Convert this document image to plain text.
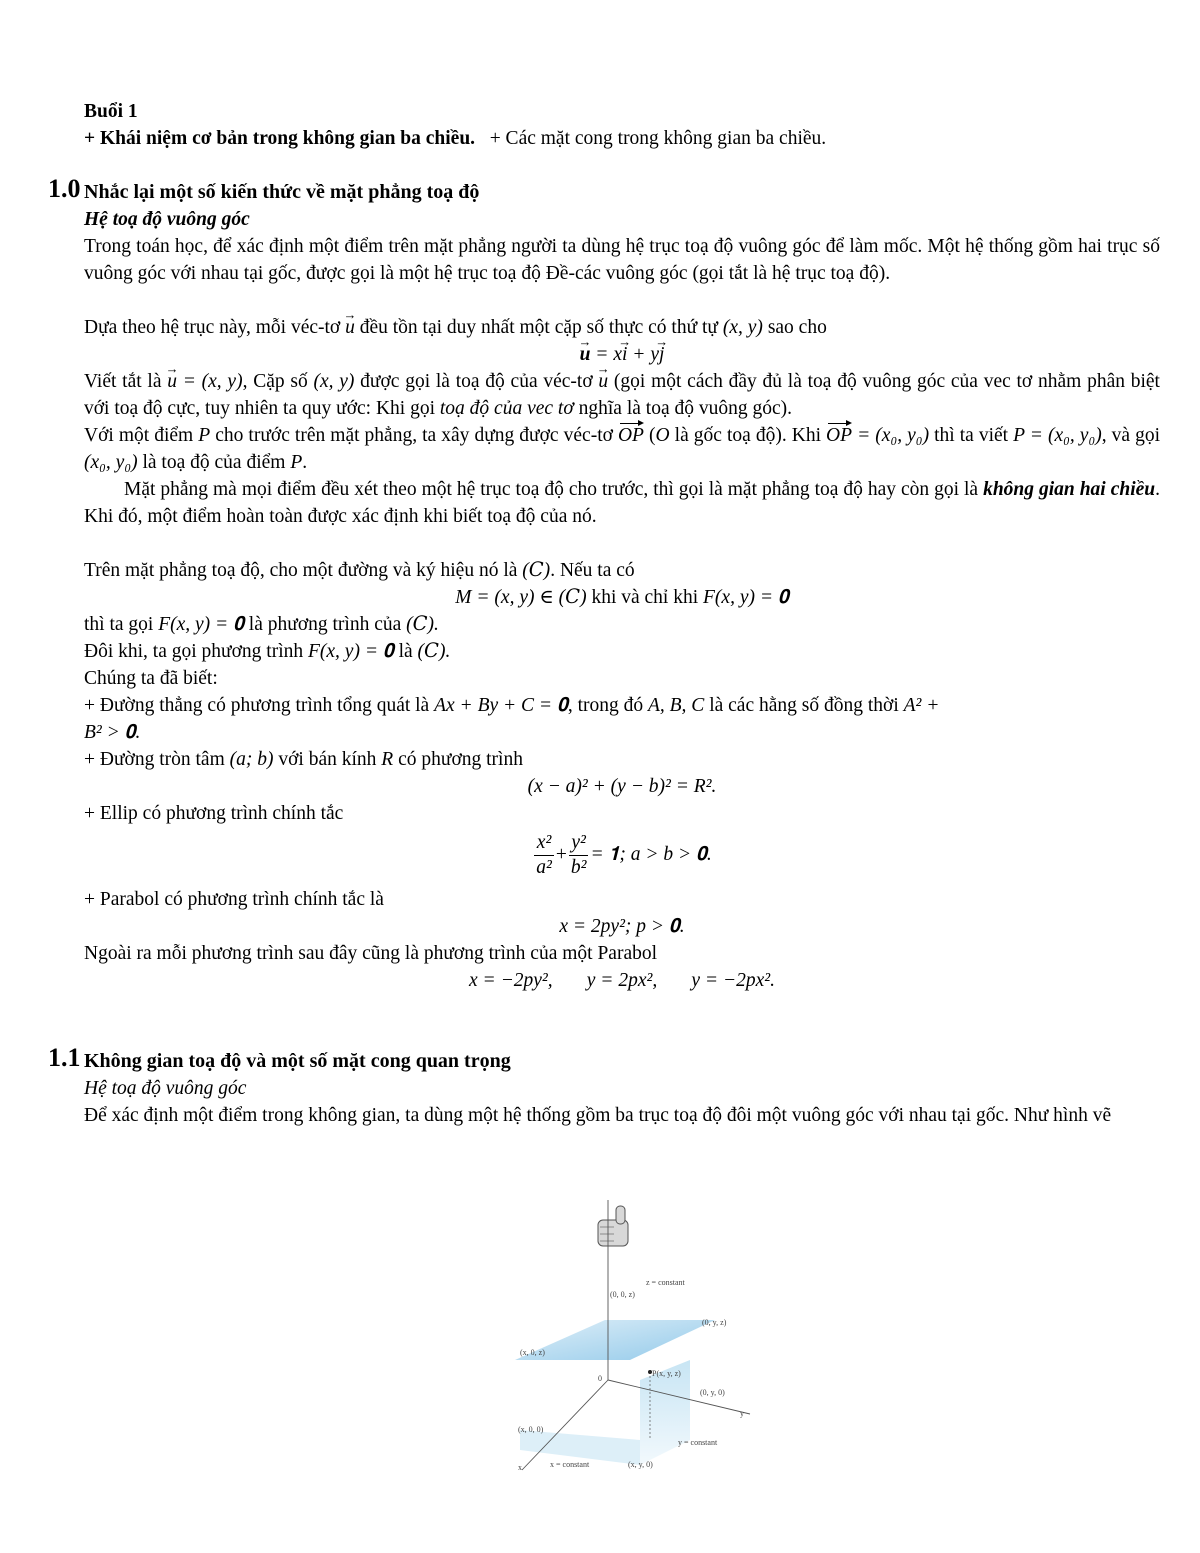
Buổi 1
+ Khái niệm cơ bản trong không gian ba chiều. + Các mặt cong trong không gian ba chiều.
1.0 Nhắc lại một số kiến thức về mặt phẳng toạ độ
Hệ toạ độ vuông góc
Trong toán học, để xác định một điểm trên mặt phẳng người ta dùng hệ trục toạ độ vuông góc để làm mốc. Một hệ thống gồm hai trục số vuông góc với nhau tại gốc, được gọi là một hệ trục toạ độ Đề-các vuông góc (gọi tắt là hệ trục toạ độ).
Dựa theo hệ trục này, mỗi véc-tơ → u đều tồn tại duy nhất một cặp số thực có thứ tự (x, y) sao cho
→ u = x→ i + y→ j
Viết tắt là → u = (x, y), Cặp số (x, y) được gọi là toạ độ của véc-tơ → u (gọi một cách đầy đủ là toạ độ vuông góc của vec tơ nhằm phân biệt với toạ độ cực, tuy nhiên ta quy ước: Khi gọi toạ độ của vec tơ nghĩa là toạ độ vuông góc).
Với một điểm P cho trước trên mặt phẳng, ta xây dựng được véc-tơ OP (O là gốc toạ độ). Khi OP = (x₀, y₀) thì ta viết P = (x₀, y₀), và gọi (x₀, y₀) là toạ độ của điểm P.
Mặt phẳng mà mọi điểm đều xét theo một hệ trục toạ độ cho trước, thì gọi là mặt phẳng toạ độ hay còn gọi là không gian hai chiều. Khi đó, một điểm hoàn toàn được xác định khi biết toạ độ của nó.
Trên mặt phẳng toạ độ, cho một đường và ký hiệu nó là (𝐶). Nếu ta có
M = (x, y) ∈ (𝐶) khi và chỉ khi F(x, y) = 𝟎
thì ta gọi F(x, y) = 𝟎 là phương trình của (𝐶).
Đôi khi, ta gọi phương trình F(x, y) = 𝟎 là (𝐶).
Chúng ta đã biết:
+ Đường thẳng có phương trình tổng quát là Ax + By + C = 𝟎, trong đó A, B, C là các hằng số đồng thời A² +
B² > 𝟎.
+ Đường tròn tâm (a; b) với bán kính R có phương trình
(x − a)² + (y − b)² = R².
+ Ellip có phương trình chính tắc
$\frac{\text{x²}}{\text{a²}} + \frac{\text{y²}}{\text{b²}}$ = 𝟏; a > b > 𝟎.
+ Parabol có phương trình chính tắc là
x = 2py²; p > 𝟎.
Ngoài ra mỗi phương trình sau đây cũng là phương trình của một Parabol
x = −2py², y = 2px², y = −2px².
1.1 Không gian toạ độ và một số mặt cong quan trọng
Hệ toạ độ vuông góc
Để xác định một điểm trong không gian, ta dùng một hệ thống gồm ba trục toạ độ đôi một vuông góc với nhau tại gốc. Như hình vẽ
z = constant
(0, 0, z)
(0, y, z)
(x, 0, z)
0
P(x, y, z)
(0, y, 0)
y
(x, 0, 0)
y = constant
x	x = constant	(x, y, 0)
